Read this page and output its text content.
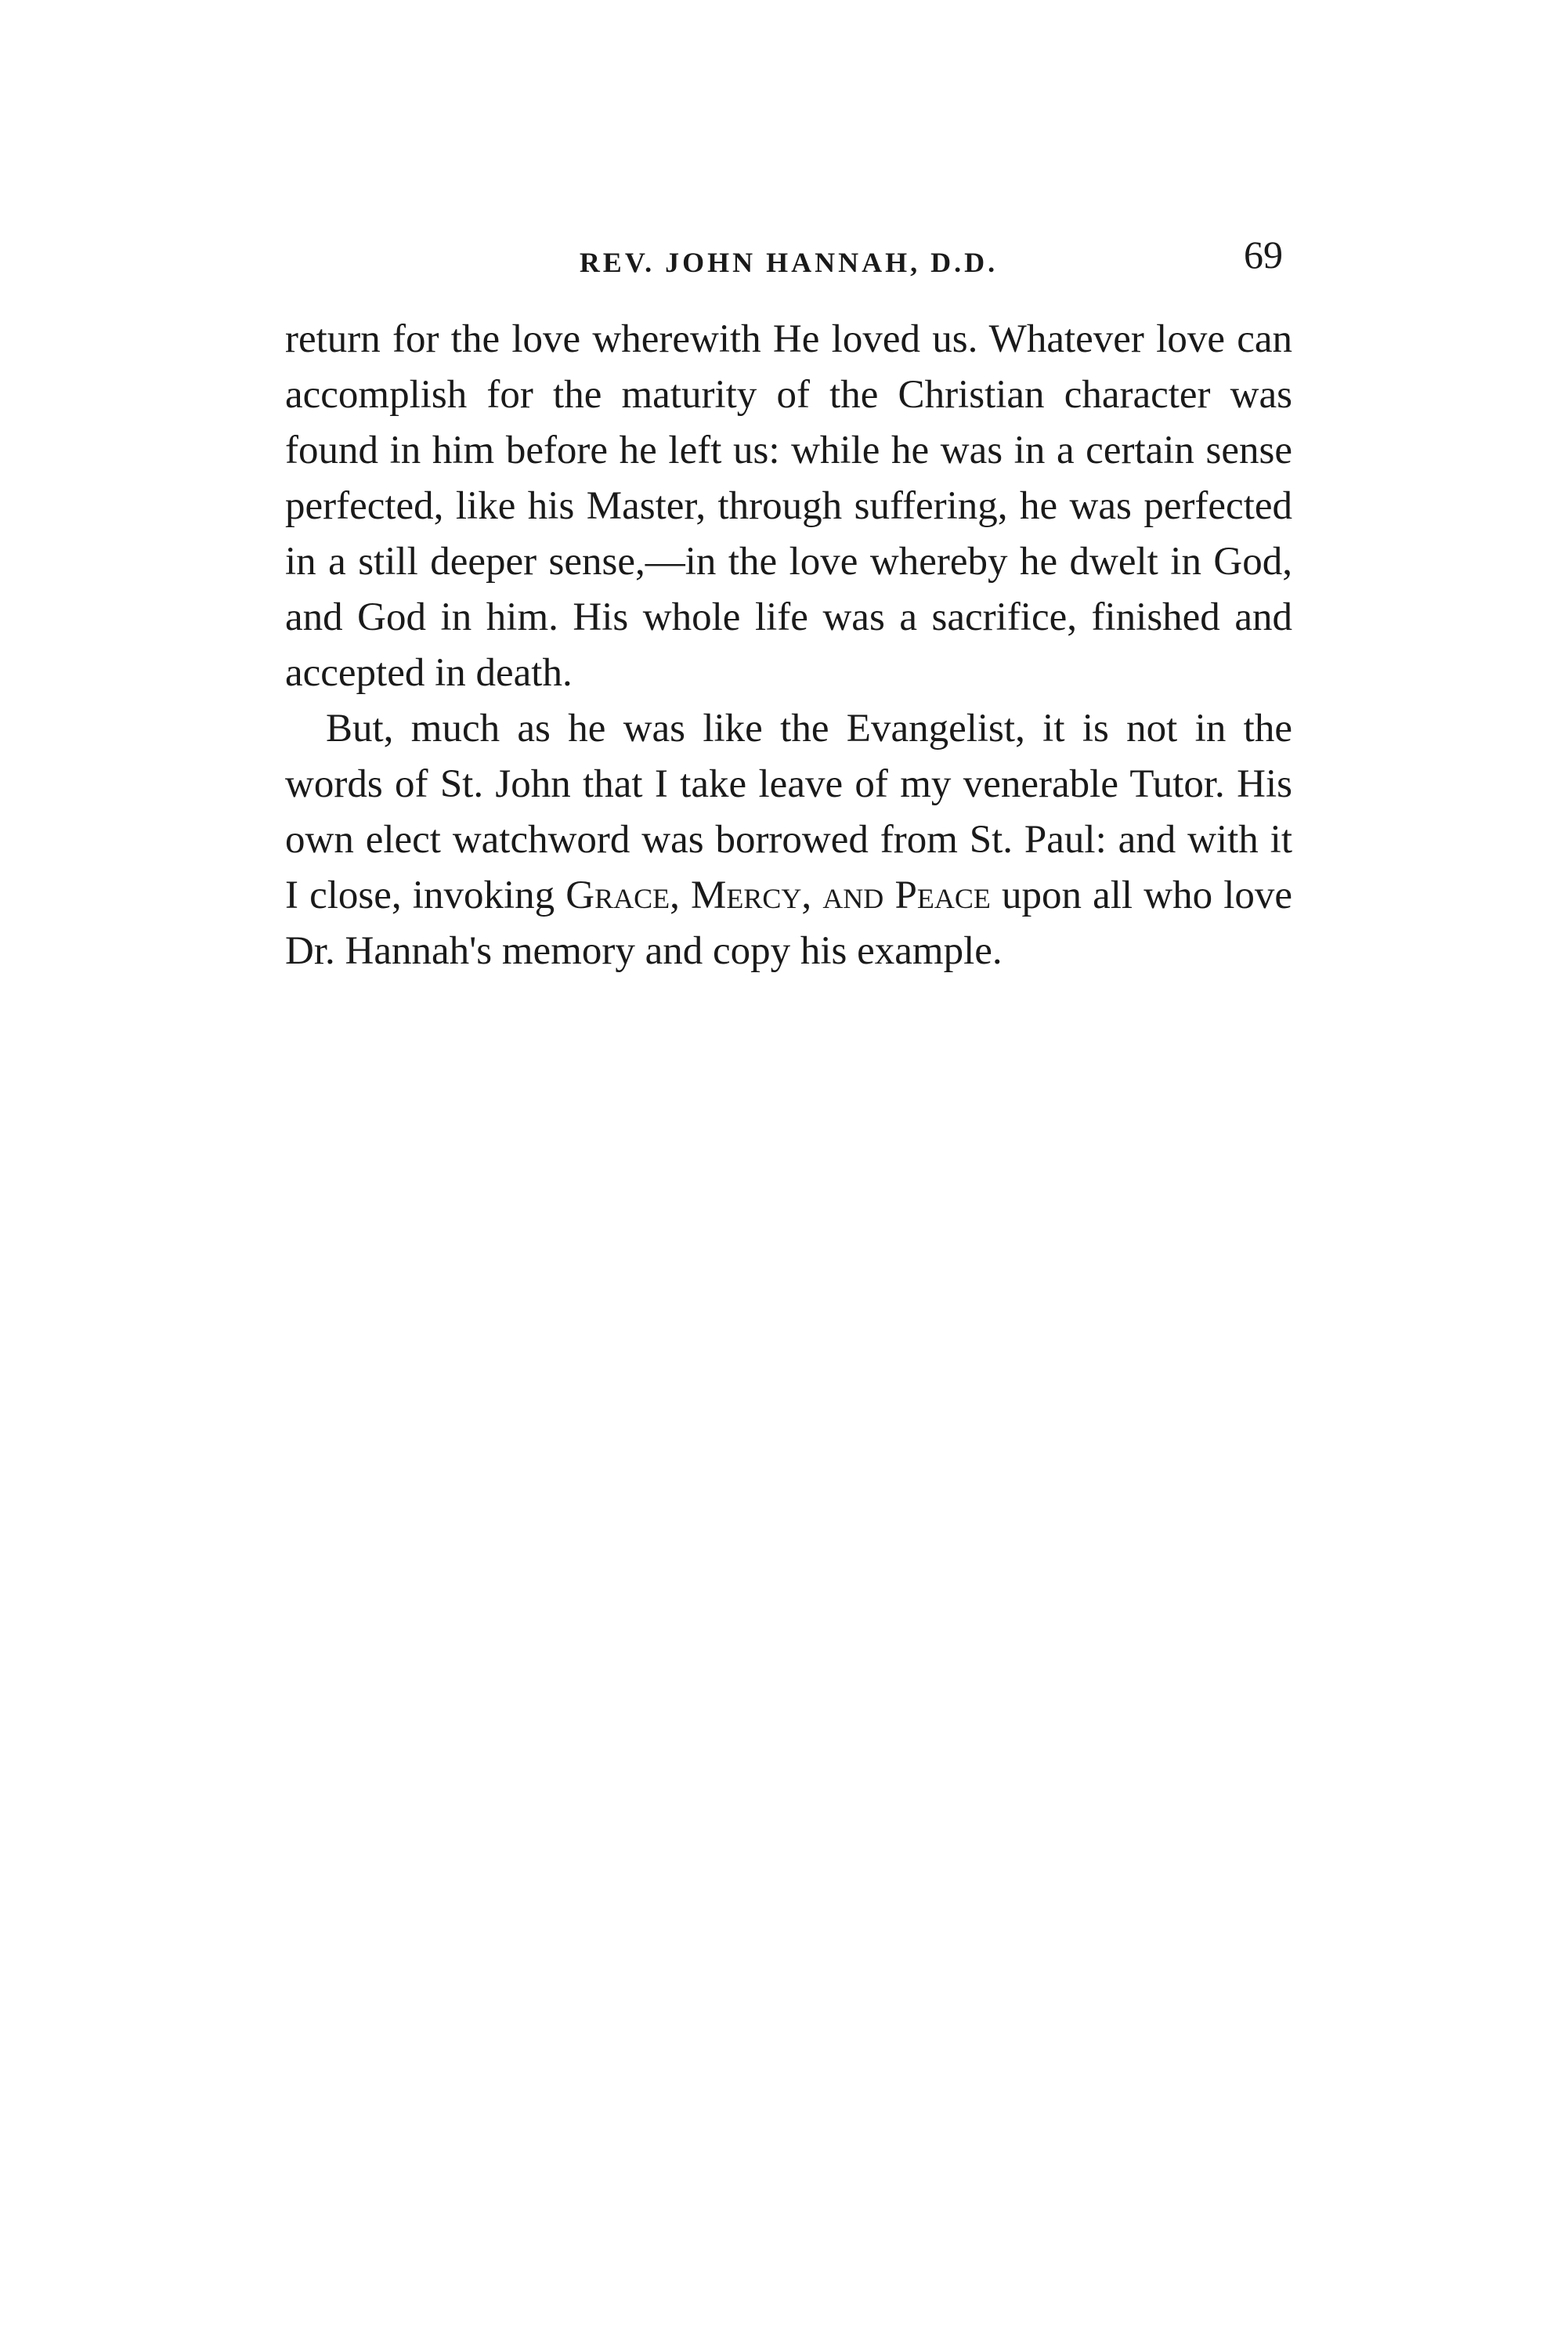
REV. JOHN HANNAH, D.D.	69

return for the love wherewith He loved us. Whatever love can accomplish for the maturity of the Christian character was found in him before he left us: while he was in a certain sense perfected, like his Master, through suffering, he was perfected in a still deeper sense,—in the love whereby he dwelt in God, and God in him. His whole life was a sacrifice, finished and accepted in death.

But, much as he was like the Evangelist, it is not in the words of St. John that I take leave of my venerable Tutor. His own elect watchword was borrowed from St. Paul: and with it I close, invoking Grace, Mercy, and Peace upon all who love Dr. Hannah's memory and copy his example.
